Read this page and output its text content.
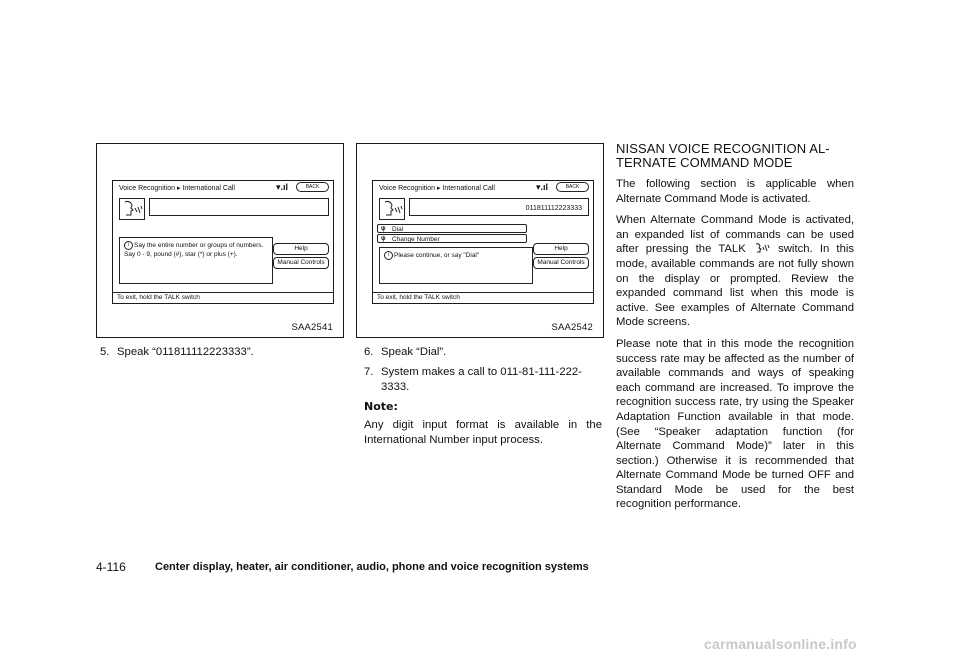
Voice Recognition ▸ International Call	▾.ıl	BACK
i Say the entire number or groups of numbers. Say 0 - 9, pound (#), star (*) or plus (+).
Help
Manual Controls
To exit, hold the TALK switch
SAA2541
Voice Recognition ▸ International Call	▾.ıl	BACK
011811112223333
ψ Dial
ψ Change Number
i Please continue, or say "Dial"
Help
Manual Controls
To exit, hold the TALK switch
SAA2542
5. Speak “011811112223333”.	6. Speak “Dial”.
7. System makes a call to 011-81-111-222-
3333.
Note:
Any digit input format is available in the International Number input process.
NISSAN VOICE RECOGNITION AL-
TERNATE COMMAND MODE

The following section is applicable when Alternate Command Mode is activated.

When Alternate Command Mode is activated, an expanded list of commands can be used after pressing the TALK	switch. In this mode, available commands are not fully shown on the display or prompted. Review the expanded command list when this mode is active. See examples of Alternate Command Mode screens.

Please note that in this mode the recognition success rate may be affected as the number of available commands and ways of speaking each command are increased. To improve the recognition success rate, try using the Speaker Adaptation Function available in that mode. (See “Speaker adaptation function (for Alternate Command Mode)” later in this section.) Otherwise it is recommended that Alternate Command Mode be turned OFF and Standard Mode be used for the best recognition performance.

4-116	Center display, heater, air conditioner, audio, phone and voice recognition systems
carmanualsonline.info
